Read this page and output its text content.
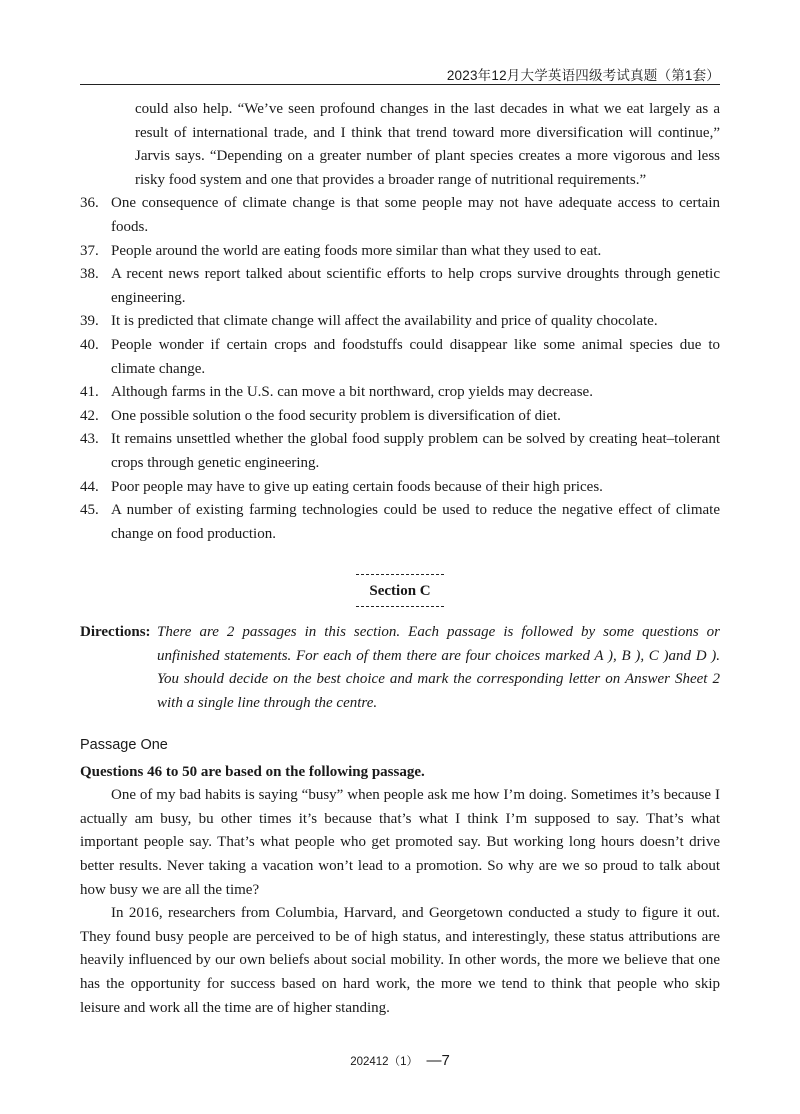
2023年12月大学英语四级考试真题（第1套）
could also help. “We’ve seen profound changes in the last decades in what we eat largely as a result of international trade, and I think that trend toward more diversification will continue,” Jarvis says. “Depending on a greater number of plant species creates a more vigorous and less risky food system and one that provides a broader range of nutritional requirements.”
36. One consequence of climate change is that some people may not have adequate access to certain foods.
37. People around the world are eating foods more similar than what they used to eat.
38. A recent news report talked about scientific efforts to help crops survive droughts through genetic engineering.
39. It is predicted that climate change will affect the availability and price of quality chocolate.
40. People wonder if certain crops and foodstuffs could disappear like some animal species due to climate change.
41. Although farms in the U.S. can move a bit northward, crop yields may decrease.
42. One possible solution o the food security problem is diversification of diet.
43. It remains unsettled whether the global food supply problem can be solved by creating heat–tolerant crops through genetic engineering.
44. Poor people may have to give up eating certain foods because of their high prices.
45. A number of existing farming technologies could be used to reduce the negative effect of climate change on food production.
Section C
Directions: There are 2 passages in this section. Each passage is followed by some questions or unfinished statements. For each of them there are four choices marked A ), B ), C )and D ). You should decide on the best choice and mark the corresponding letter on Answer Sheet 2 with a single line through the centre.
Passage One
Questions 46 to 50 are based on the following passage.
One of my bad habits is saying “busy” when people ask me how I’m doing. Sometimes it’s because I actually am busy, bu other times it’s because that’s what I think I’m supposed to say. That’s what important people say. That’s what people who get promoted say. But working long hours doesn’t drive better results. Never taking a vacation won’t lead to a promotion. So why are we so proud to talk about how busy we are all the time?
In 2016, researchers from Columbia, Harvard, and Georgetown conducted a study to figure it out. They found busy people are perceived to be of high status, and interestingly, these status attributions are heavily influenced by our own beliefs about social mobility. In other words, the more we believe that one has the opportunity for success based on hard work, the more we tend to think that people who skip leisure and work all the time are of higher standing.
202412（1） —7
